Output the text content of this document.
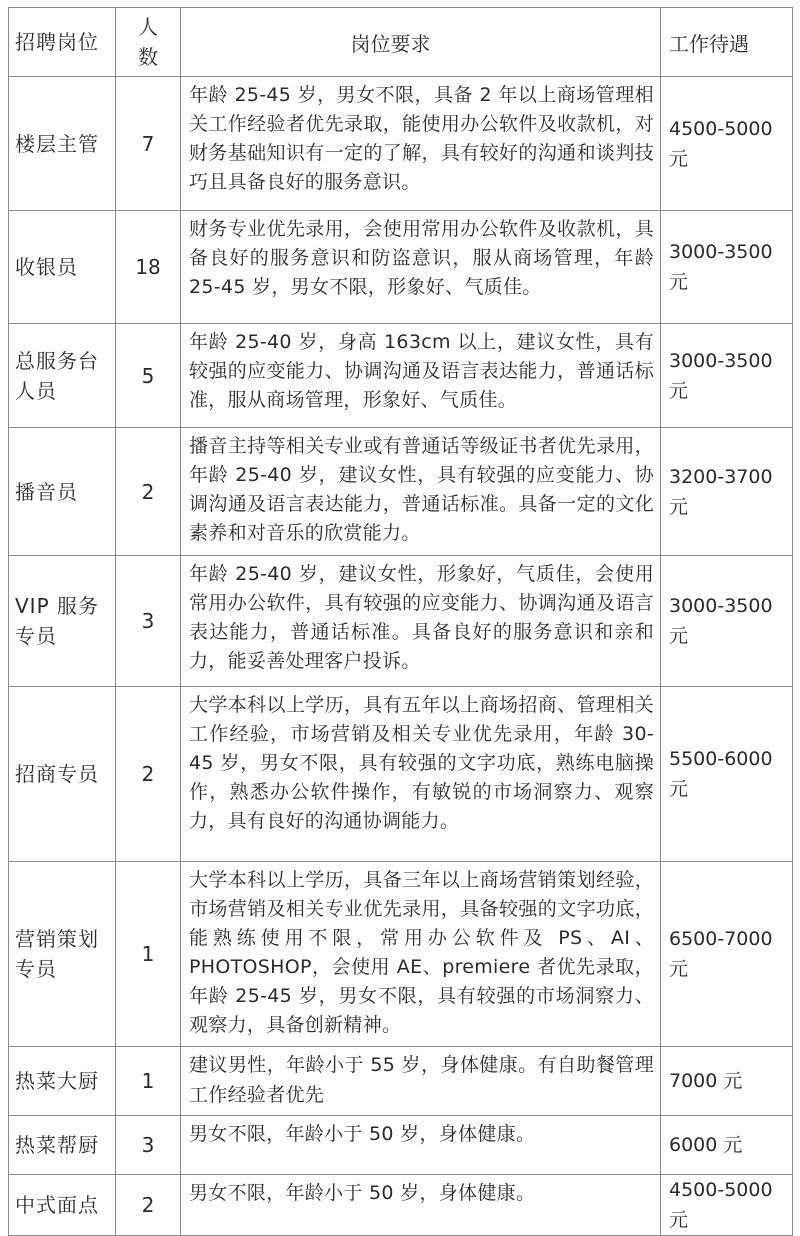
招聘岗位	人数	岗位要求	工作待遇
楼层主管	7	年龄 25-45 岁，男女不限，具备 2 年以上商场管理相关工作经验者优先录取，能使用办公软件及收款机，对财务基础知识有一定的了解，具有较好的沟通和谈判技巧且具备良好的服务意识。	4500-5000 元
收银员	18	财务专业优先录用，会使用常用办公软件及收款机，具备良好的服务意识和防盗意识，服从商场管理，年龄 25-45 岁，男女不限，形象好、气质佳。	3000-3500 元
总服务台人员	5	年龄 25-40 岁，身高 163cm 以上，建议女性，具有较强的应变能力、协调沟通及语言表达能力，普通话标准，服从商场管理，形象好、气质佳。	3000-3500 元
播音员	2	播音主持等相关专业或有普通话等级证书者优先录用，年龄 25-40 岁，建议女性，具有较强的应变能力、协调沟通及语言表达能力，普通话标准。具备一定的文化素养和对音乐的欣赏能力。	3200-3700 元
VIP 服务专员	3	年龄 25-40 岁，建议女性，形象好，气质佳，会使用常用办公软件，具有较强的应变能力、协调沟通及语言表达能力，普通话标准。具备良好的服务意识和亲和力，能妥善处理客户投诉。	3000-3500 元
招商专员	2	大学本科以上学历，具有五年以上商场招商、管理相关工作经验，市场营销及相关专业优先录用，年龄 30-45 岁，男女不限，具有较强的文字功底，熟练电脑操作，熟悉办公软件操作，有敏锐的市场洞察力、观察力，具有良好的沟通协调能力。	5500-6000 元
营销策划专员	1	大学本科以上学历，具备三年以上商场营销策划经验，市场营销及相关专业优先录用，具备较强的文字功底，能熟练使用不限，常用办公软件及 PS、AI、PHOTOSHOP，会使用 AE、premiere 者优先录取，年龄 25-45 岁，男女不限，具有较强的市场洞察力、观察力，具备创新精神。	6500-7000 元
热菜大厨	1	建议男性，年龄小于 55 岁，身体健康。有自助餐管理工作经验者优先	7000 元
热菜帮厨	3	男女不限，年龄小于 50 岁，身体健康。	6000 元
中式面点	2	男女不限，年龄小于 50 岁，身体健康。	4500-5000 元
